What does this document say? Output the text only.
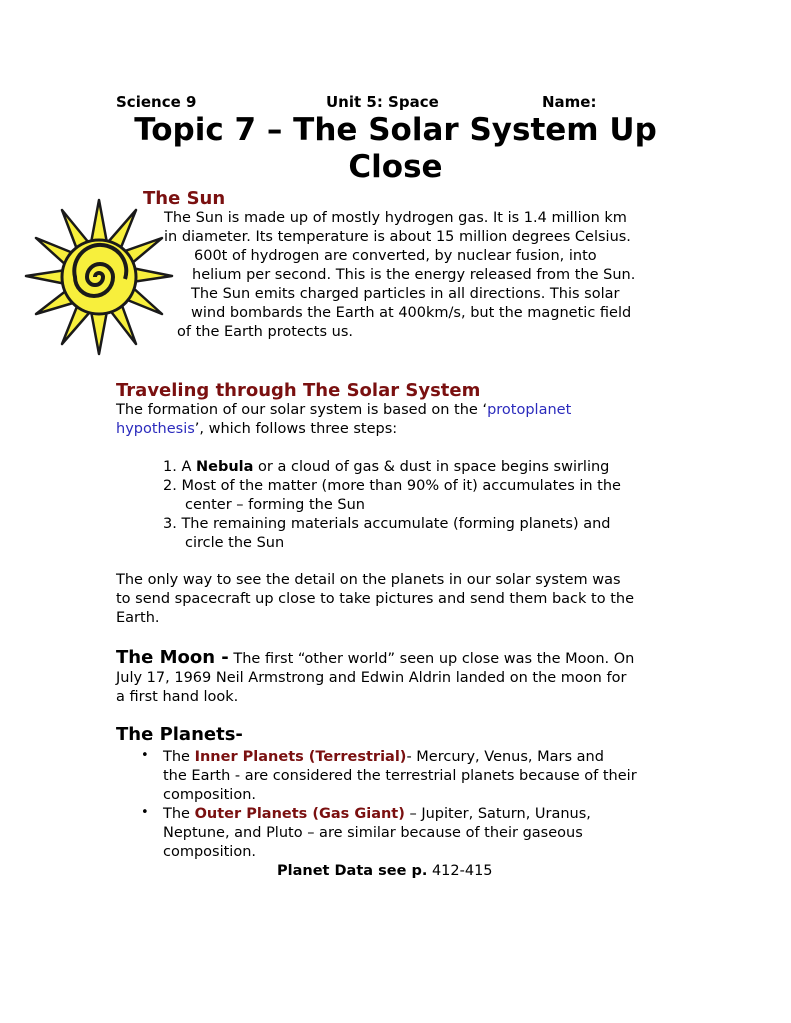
Science 9	Unit 5: Space	Name:
Topic 7 – The Solar System Up
Close
The Sun
The Sun is made up of mostly hydrogen gas. It is 1.4 million km
in diameter. Its temperature is about 15 million degrees Celsius.
600t of hydrogen are converted, by nuclear fusion, into
helium per second. This is the energy released from the Sun.
The Sun emits charged particles in all directions. This solar
wind bombards the Earth at 400km/s, but the magnetic field
of the Earth protects us.
Traveling through The Solar System
The formation of our solar system is based on the ‘protoplanet
hypothesis’, which follows three steps:
1. A Nebula or a cloud of gas & dust in space begins swirling
2. Most of the matter (more than 90% of it) accumulates in the
center – forming the Sun
3. The remaining materials accumulate (forming planets) and
circle the Sun
The only way to see the detail on the planets in our solar system was
to send spacecraft up close to take pictures and send them back to the
Earth.
The Moon - The first “other world” seen up close was the Moon. On
July 17, 1969 Neil Armstrong and Edwin Aldrin landed on the moon for
a first hand look.
The Planets-
• The Inner Planets (Terrestrial)- Mercury, Venus, Mars and
the Earth - are considered the terrestrial planets because of their
composition.
• The Outer Planets (Gas Giant) – Jupiter, Saturn, Uranus,
Neptune, and Pluto – are similar because of their gaseous
composition.
Planet Data see p. 412-415
